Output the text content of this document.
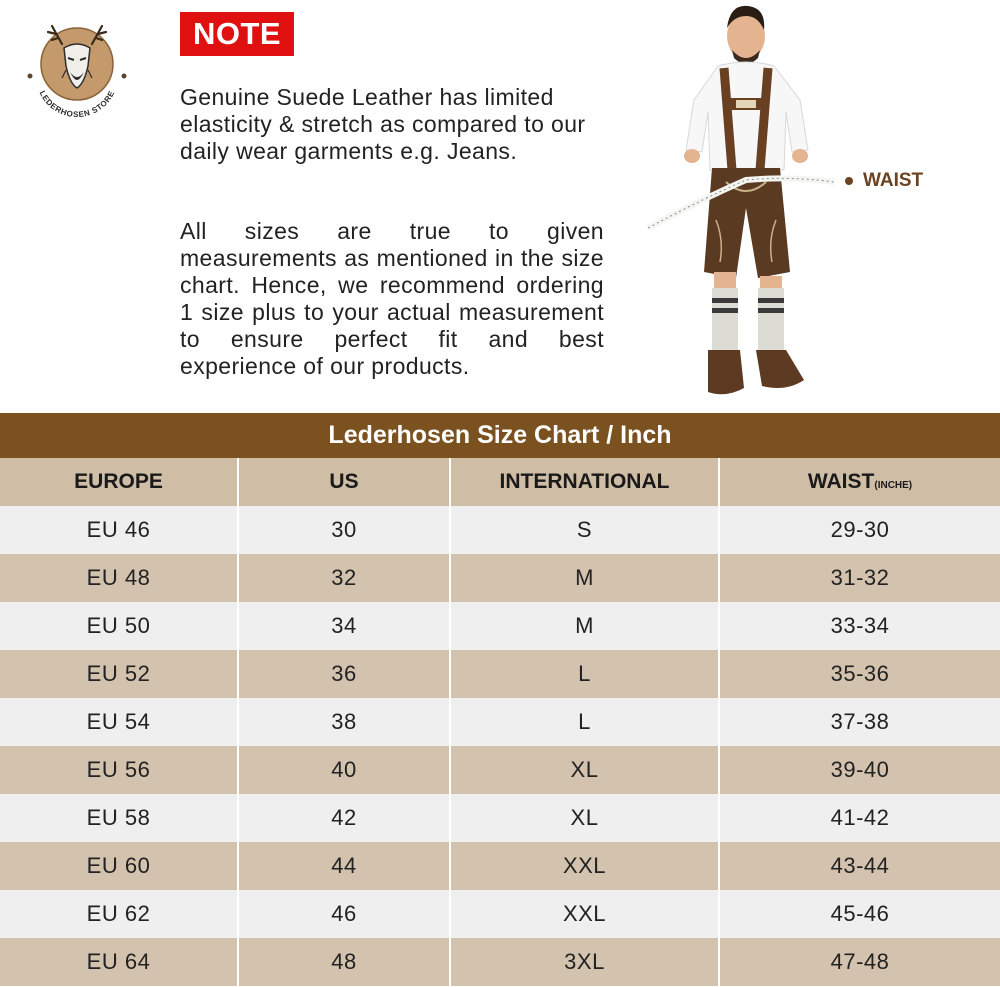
LEDERHOSEN STORE
NOTE
Genuine Suede Leather has limited elasticity & stretch as compared to our daily wear garments e.g. Jeans.
All sizes are true to given measurements as mentioned in the size chart. Hence, we recommend ordering 1 size plus to your actual measurement to ensure perfect fit and best experience of our products.
WAIST
Lederhosen Size Chart / Inch
EUROPE	US	INTERNATIONAL	WAIST(INCHE)
EU 46	30	S	29-30
EU 48	32	M	31-32
EU 50	34	M	33-34
EU 52	36	L	35-36
EU 54	38	L	37-38
EU 56	40	XL	39-40
EU 58	42	XL	41-42
EU 60	44	XXL	43-44
EU 62	46	XXL	45-46
EU 64	48	3XL	47-48
